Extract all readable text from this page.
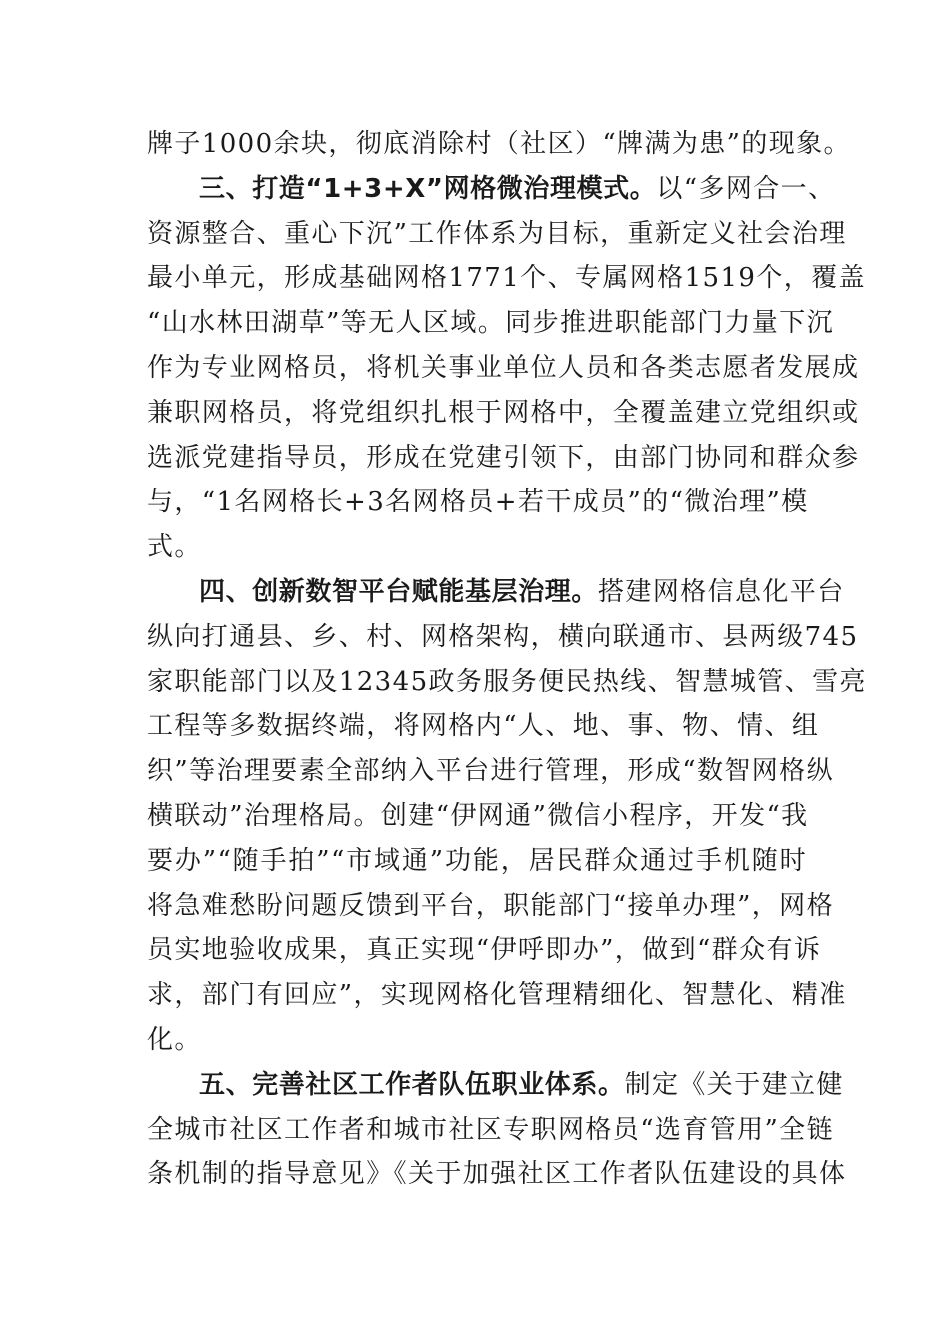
牌子1000余块，彻底消除村（社区）“牌满为患”的现象。
三、打造“1+3+X”网格微治理模式。以“多网合一、
资源整合、重心下沉”工作体系为目标，重新定义社会治理
最小单元，形成基础网格1771个、专属网格1519个，覆盖
“山水林田湖草”等无人区域。同步推进职能部门力量下沉
作为专业网格员，将机关事业单位人员和各类志愿者发展成
兼职网格员，将党组织扎根于网格中，全覆盖建立党组织或
选派党建指导员，形成在党建引领下，由部门协同和群众参
与，“1名网格长+3名网格员+若干成员”的“微治理”模
式。
四、创新数智平台赋能基层治理。搭建网格信息化平台
纵向打通县、乡、村、网格架构，横向联通市、县两级745
家职能部门以及12345政务服务便民热线、智慧城管、雪亮
工程等多数据终端，将网格内“人、地、事、物、情、组
织”等治理要素全部纳入平台进行管理，形成“数智网格纵
横联动”治理格局。创建“伊网通”微信小程序，开发“我
要办”“随手拍”“市域通”功能，居民群众通过手机随时
将急难愁盼问题反馈到平台，职能部门“接单办理”，网格
员实地验收成果，真正实现“伊呼即办”，做到“群众有诉
求，部门有回应”，实现网格化管理精细化、智慧化、精准
化。
五、完善社区工作者队伍职业体系。制定《关于建立健
全城市社区工作者和城市社区专职网格员“选育管用”全链
条机制的指导意见》《关于加强社区工作者队伍建设的具体
